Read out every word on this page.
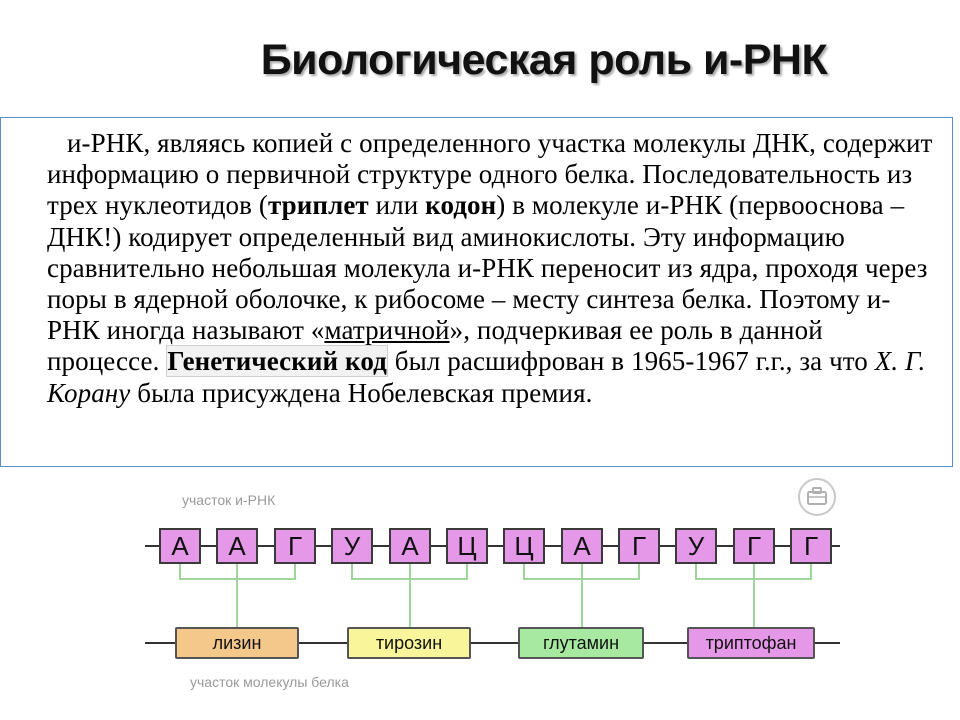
Биологическая роль и-РНК

и-РНК, являясь копией с определенного участка молекулы ДНК, содержит информацию о первичной структуре одного белка. Последовательность из трех нуклеотидов (триплет или кодон) в молекуле и-РНК (первооснова –ДНК!) кодирует определенный вид аминокислоты. Эту информацию сравнительно небольшая молекула и-РНК переносит из ядра, проходя через поры в ядерной оболочке, к рибосоме – месту синтеза белка. Поэтому и-РНК иногда называют «матричной», подчеркивая ее роль в данной процессе. Генетический код был расшифрован в 1965-1967 г.г., за что Х. Г. Корану была присуждена Нобелевская премия.

участок и-РНК
А	А	Г	У	А	Ц	Ц	А	Г	У	Г	Г
лизин	тирозин	глутамин	триптофан
участок молекулы белка
